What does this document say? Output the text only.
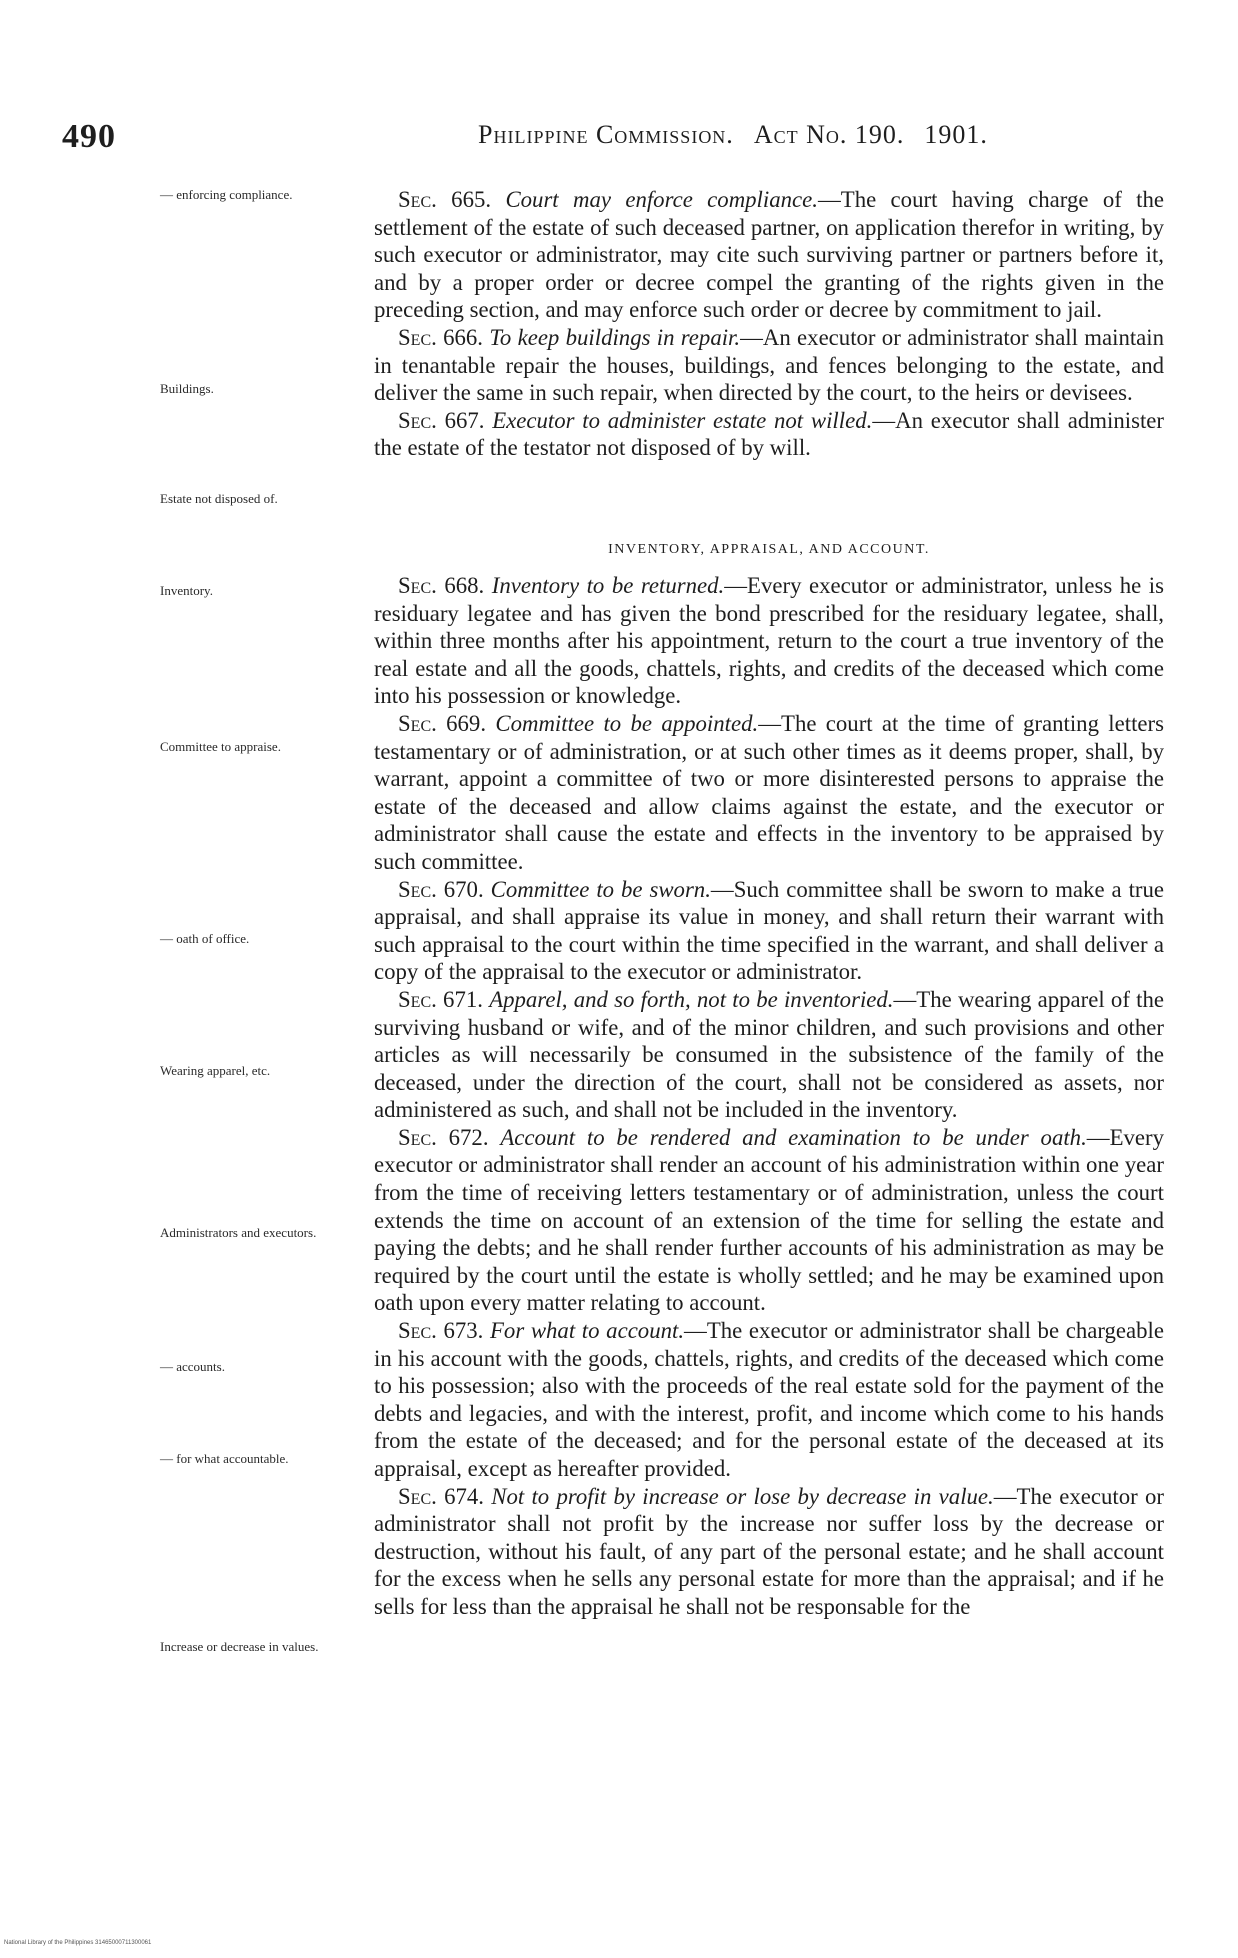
490	Philippine Commission. Act No. 190. 1901.
— enforcing compliance.
Buildings.
Estate not disposed of.
Inventory.
Committee to appraise.
— oath of office.
Wearing apparel, etc.
Administrators and executors.
— accounts.
— for what accountable.
Increase or decrease in values.

Sec. 665. Court may enforce compliance.—The court having charge of the settlement of the estate of such deceased partner, on application therefor in writing, by such executor or administrator, may cite such surviving partner or partners before it, and by a proper order or decree compel the granting of the rights given in the preceding section, and may enforce such order or decree by commitment to jail.

Sec. 666. To keep buildings in repair.—An executor or administrator shall maintain in tenantable repair the houses, buildings, and fences belonging to the estate, and deliver the same in such repair, when directed by the court, to the heirs or devisees.

Sec. 667. Executor to administer estate not willed.—An executor shall administer the estate of the testator not disposed of by will.

INVENTORY, APPRAISAL, AND ACCOUNT.

Sec. 668. Inventory to be returned.—Every executor or administrator, unless he is residuary legatee and has given the bond prescribed for the residuary legatee, shall, within three months after his appointment, return to the court a true inventory of the real estate and all the goods, chattels, rights, and credits of the deceased which come into his possession or knowledge.

Sec. 669. Committee to be appointed.—The court at the time of granting letters testamentary or of administration, or at such other times as it deems proper, shall, by warrant, appoint a committee of two or more disinterested persons to appraise the estate of the deceased and allow claims against the estate, and the executor or administrator shall cause the estate and effects in the inventory to be appraised by such committee.

Sec. 670. Committee to be sworn.—Such committee shall be sworn to make a true appraisal, and shall appraise its value in money, and shall return their warrant with such appraisal to the court within the time specified in the warrant, and shall deliver a copy of the appraisal to the executor or administrator.

Sec. 671. Apparel, and so forth, not to be inventoried.—The wearing apparel of the surviving husband or wife, and of the minor children, and such provisions and other articles as will necessarily be consumed in the subsistence of the family of the deceased, under the direction of the court, shall not be considered as assets, nor administered as such, and shall not be included in the inventory.

Sec. 672. Account to be rendered and examination to be under oath.—Every executor or administrator shall render an account of his administration within one year from the time of receiving letters testamentary or of administration, unless the court extends the time on account of an extension of the time for selling the estate and paying the debts; and he shall render further accounts of his administration as may be required by the court until the estate is wholly settled; and he may be examined upon oath upon every matter relating to account.

Sec. 673. For what to account.—The executor or administrator shall be chargeable in his account with the goods, chattels, rights, and credits of the deceased which come to his possession; also with the proceeds of the real estate sold for the payment of the debts and legacies, and with the interest, profit, and income which come to his hands from the estate of the deceased; and for the personal estate of the deceased at its appraisal, except as hereafter provided.

Sec. 674. Not to profit by increase or lose by decrease in value.—The executor or administrator shall not profit by the increase nor suffer loss by the decrease or destruction, without his fault, of any part of the personal estate; and he shall account for the excess when he sells any personal estate for more than the appraisal; and if he sells for less than the appraisal he shall not be responsable for the

National Library of the Philippines 31465000711300061
